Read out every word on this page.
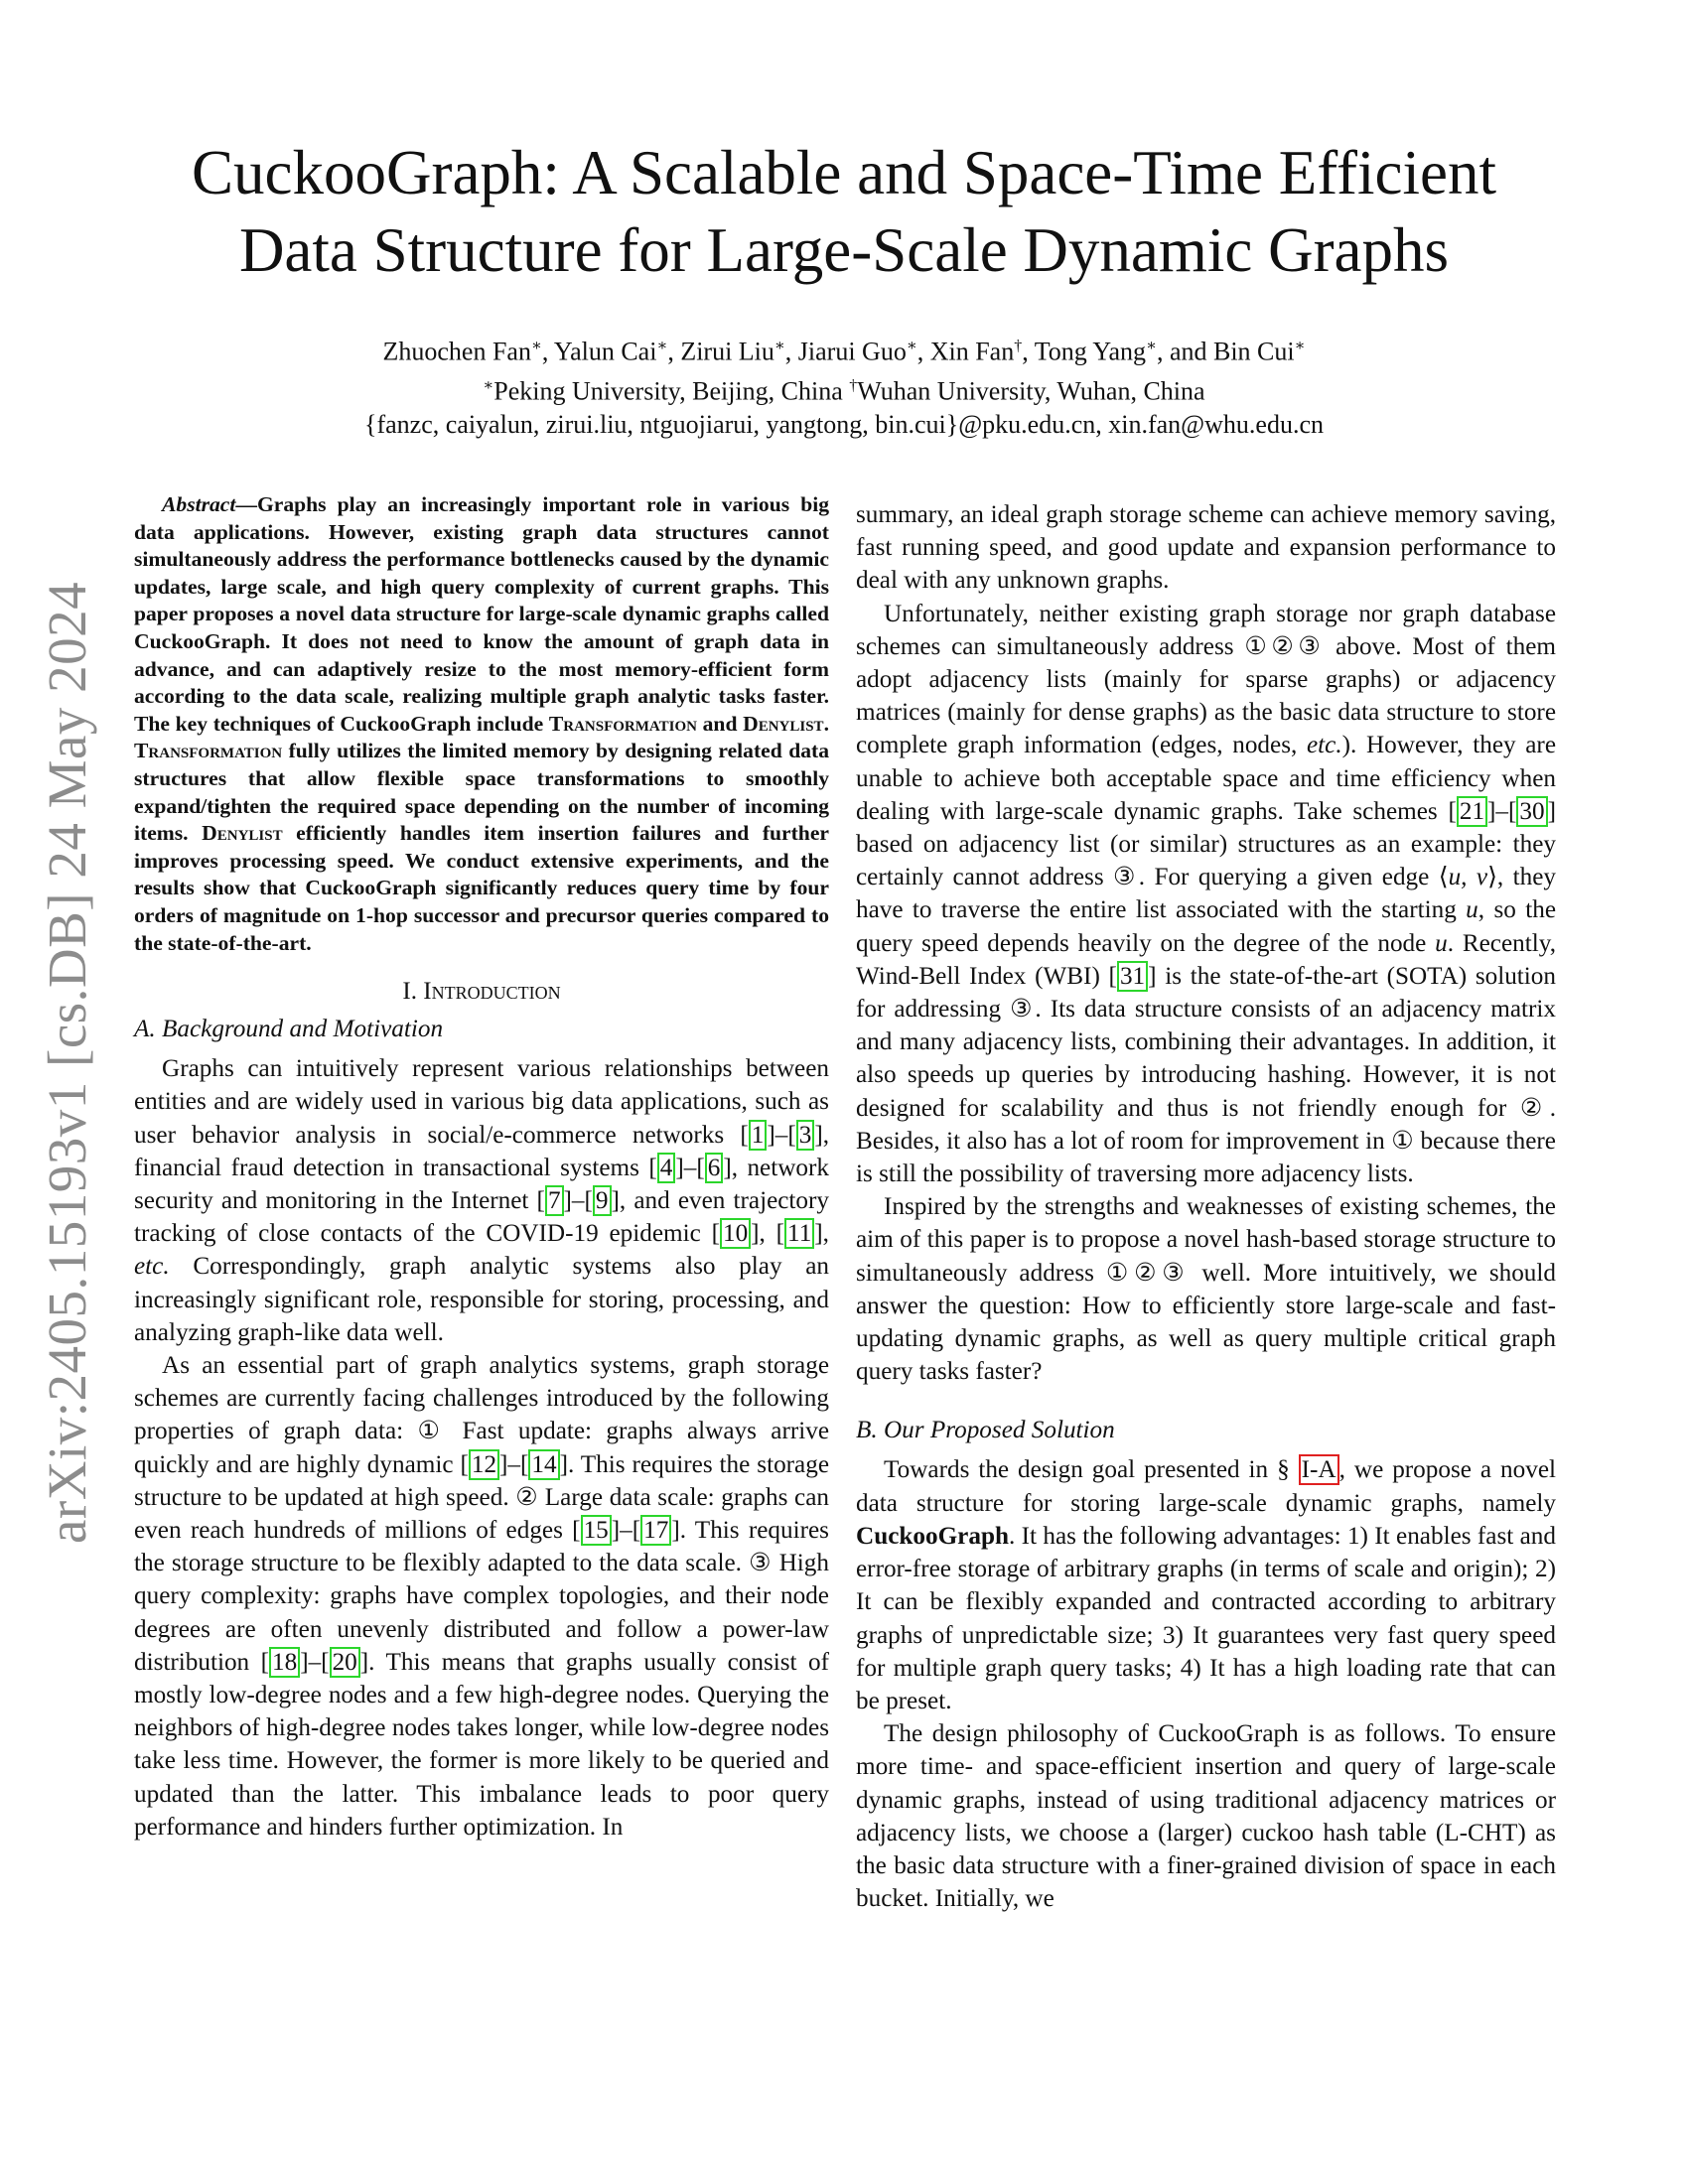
arXiv:2405.15193v1 [cs.DB] 24 May 2024
CuckooGraph: A Scalable and Space-Time Efficient
Data Structure for Large-Scale Dynamic Graphs
Zhuochen Fan∗, Yalun Cai∗, Zirui Liu∗, Jiarui Guo∗, Xin Fan†, Tong Yang∗, and Bin Cui∗
∗Peking University, Beijing, China †Wuhan University, Wuhan, China
{fanzc, caiyalun, zirui.liu, ntguojiarui, yangtong, bin.cui}@pku.edu.cn, xin.fan@whu.edu.cn

Abstract—Graphs play an increasingly important role in various big data applications. However, existing graph data structures cannot simultaneously address the performance bottlenecks caused by the dynamic updates, large scale, and high query complexity of current graphs. This paper proposes a novel data structure for large-scale dynamic graphs called CuckooGraph. It does not need to know the amount of graph data in advance, and can adaptively resize to the most memory-efficient form according to the data scale, realizing multiple graph analytic tasks faster. The key techniques of CuckooGraph include Transformation and Denylist. Transformation fully utilizes the limited memory by designing related data structures that allow flexible space transformations to smoothly expand/tighten the required space depending on the number of incoming items. Denylist efficiently handles item insertion failures and further improves processing speed. We conduct extensive experiments, and the results show that CuckooGraph significantly reduces query time by four orders of magnitude on 1-hop successor and precursor queries compared to the state-of-the-art.

I. Introduction
A. Background and Motivation

Graphs can intuitively represent various relationships between entities and are widely used in various big data applications, such as user behavior analysis in social/e-commerce networks [ 1 ]–[ 3 ], financial fraud detection in transactional systems [ 4 ]–[ 6 ], network security and monitoring in the Internet [ 7 ]–[ 9 ], and even trajectory tracking of close contacts of the COVID-19 epidemic [ 10 ], [ 11 ], etc. Correspondingly, graph analytic systems also play an increasingly significant role, responsible for storing, processing, and analyzing graph-like data well.

As an essential part of graph analytics systems, graph storage schemes are currently facing challenges introduced by the following properties of graph data: ① Fast update: graphs always arrive quickly and are highly dynamic [ 12 ]–[ 14 ]. This requires the storage structure to be updated at high speed. ② Large data scale: graphs can even reach hundreds of millions of edges [ 15 ]–[ 17 ]. This requires the storage structure to be flexibly adapted to the data scale. ③ High query complexity: graphs have complex topologies, and their node degrees are often unevenly distributed and follow a power-law distribution [ 18 ]–[ 20 ]. This means that graphs usually consist of mostly low-degree nodes and a few high-degree nodes. Querying the neighbors of high-degree nodes takes longer, while low-degree nodes take less time. However, the former is more likely to be queried and updated than the latter. This imbalance leads to poor query performance and hinders further optimization. In

summary, an ideal graph storage scheme can achieve memory saving, fast running speed, and good update and expansion performance to deal with any unknown graphs.

Unfortunately, neither existing graph storage nor graph database schemes can simultaneously address ①②③ above. Most of them adopt adjacency lists (mainly for sparse graphs) or adjacency matrices (mainly for dense graphs) as the basic data structure to store complete graph information (edges, nodes, etc.). However, they are unable to achieve both acceptable space and time efficiency when dealing with large-scale dynamic graphs. Take schemes [ 21 ]–[ 30 ] based on adjacency list (or similar) structures as an example: they certainly cannot address ③. For querying a given edge ⟨u, v⟩, they have to traverse the entire list associated with the starting u, so the query speed depends heavily on the degree of the node u. Recently, Wind-Bell Index (WBI) [ 31 ] is the state-of-the-art (SOTA) solution for addressing ③. Its data structure consists of an adjacency matrix and many adjacency lists, combining their advantages. In addition, it also speeds up queries by introducing hashing. However, it is not designed for scalability and thus is not friendly enough for ②. Besides, it also has a lot of room for improvement in ① because there is still the possibility of traversing more adjacency lists.

Inspired by the strengths and weaknesses of existing schemes, the aim of this paper is to propose a novel hash-based storage structure to simultaneously address ①②③ well. More intuitively, we should answer the question: How to efficiently store large-scale and fast-updating dynamic graphs, as well as query multiple critical graph query tasks faster?

B. Our Proposed Solution

Towards the design goal presented in § I-A , we propose a novel data structure for storing large-scale dynamic graphs, namely CuckooGraph. It has the following advantages: 1) It enables fast and error-free storage of arbitrary graphs (in terms of scale and origin); 2) It can be flexibly expanded and contracted according to arbitrary graphs of unpredictable size; 3) It guarantees very fast query speed for multiple graph query tasks; 4) It has a high loading rate that can be preset.

The design philosophy of CuckooGraph is as follows. To ensure more time- and space-efficient insertion and query of large-scale dynamic graphs, instead of using traditional adjacency matrices or adjacency lists, we choose a (larger) cuckoo hash table (L-CHT) as the basic data structure with a finer-grained division of space in each bucket. Initially, we
